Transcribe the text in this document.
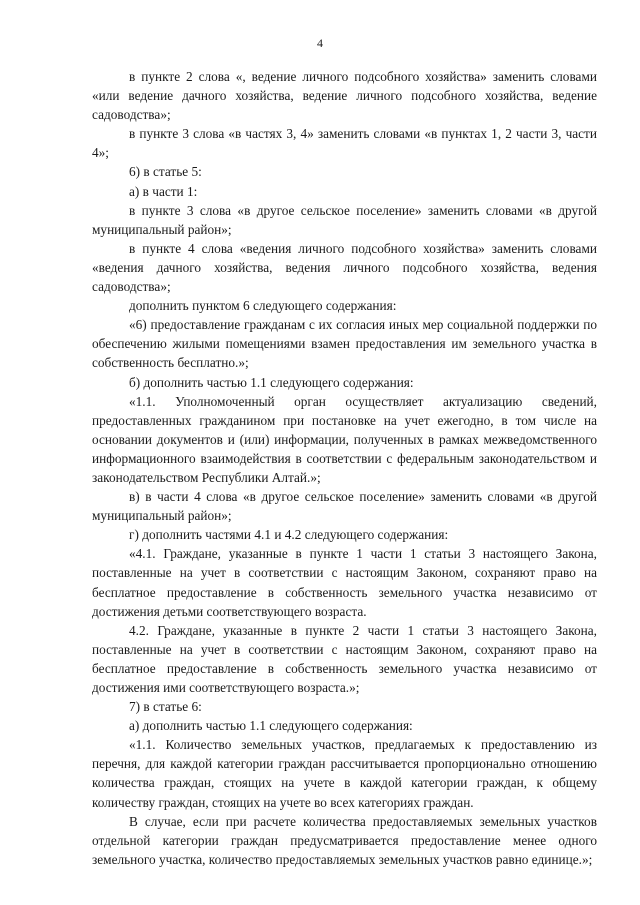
4

в пункте 2 слова «, ведение личного подсобного хозяйства» заменить словами «или ведение дачного хозяйства, ведение личного подсобного хозяйства, ведение садоводства»;

в пункте 3 слова «в частях 3, 4» заменить словами «в пунктах 1, 2 части 3, части 4»;

6) в статье 5:

а) в части 1:

в пункте 3 слова «в другое сельское поселение» заменить словами «в другой муниципальный район»;

в пункте 4 слова «ведения личного подсобного хозяйства» заменить словами «ведения дачного хозяйства, ведения личного подсобного хозяйства, ведения садоводства»;

дополнить пунктом 6 следующего содержания:

«6) предоставление гражданам с их согласия иных мер социальной поддержки по обеспечению жилыми помещениями взамен предоставления им земельного участка в собственность бесплатно.»;

б) дополнить частью 1.1 следующего содержания:

«1.1. Уполномоченный орган осуществляет актуализацию сведений, предоставленных гражданином при постановке на учет ежегодно, в том числе на основании документов и (или) информации, полученных в рамках межведомственного информационного взаимодействия в соответствии с федеральным законодательством и законодательством Республики Алтай.»;

в) в части 4 слова «в другое сельское поселение» заменить словами «в другой муниципальный район»;

г) дополнить частями 4.1 и 4.2 следующего содержания:

«4.1. Граждане, указанные в пункте 1 части 1 статьи 3 настоящего Закона, поставленные на учет в соответствии с настоящим Законом, сохраняют право на бесплатное предоставление в собственность земельного участка независимо от достижения детьми соответствующего возраста.

4.2. Граждане, указанные в пункте 2 части 1 статьи 3 настоящего Закона, поставленные на учет в соответствии с настоящим Законом, сохраняют право на бесплатное предоставление в собственность земельного участка независимо от достижения ими соответствующего возраста.»;

7) в статье 6:

а) дополнить частью 1.1 следующего содержания:

«1.1. Количество земельных участков, предлагаемых к предоставлению из перечня, для каждой категории граждан рассчитывается пропорционально отношению количества граждан, стоящих на учете в каждой категории граждан, к общему количеству граждан, стоящих на учете во всех категориях граждан.

В случае, если при расчете количества предоставляемых земельных участков отдельной категории граждан предусматривается предоставление менее одного земельного участка, количество предоставляемых земельных участков равно единице.»;
